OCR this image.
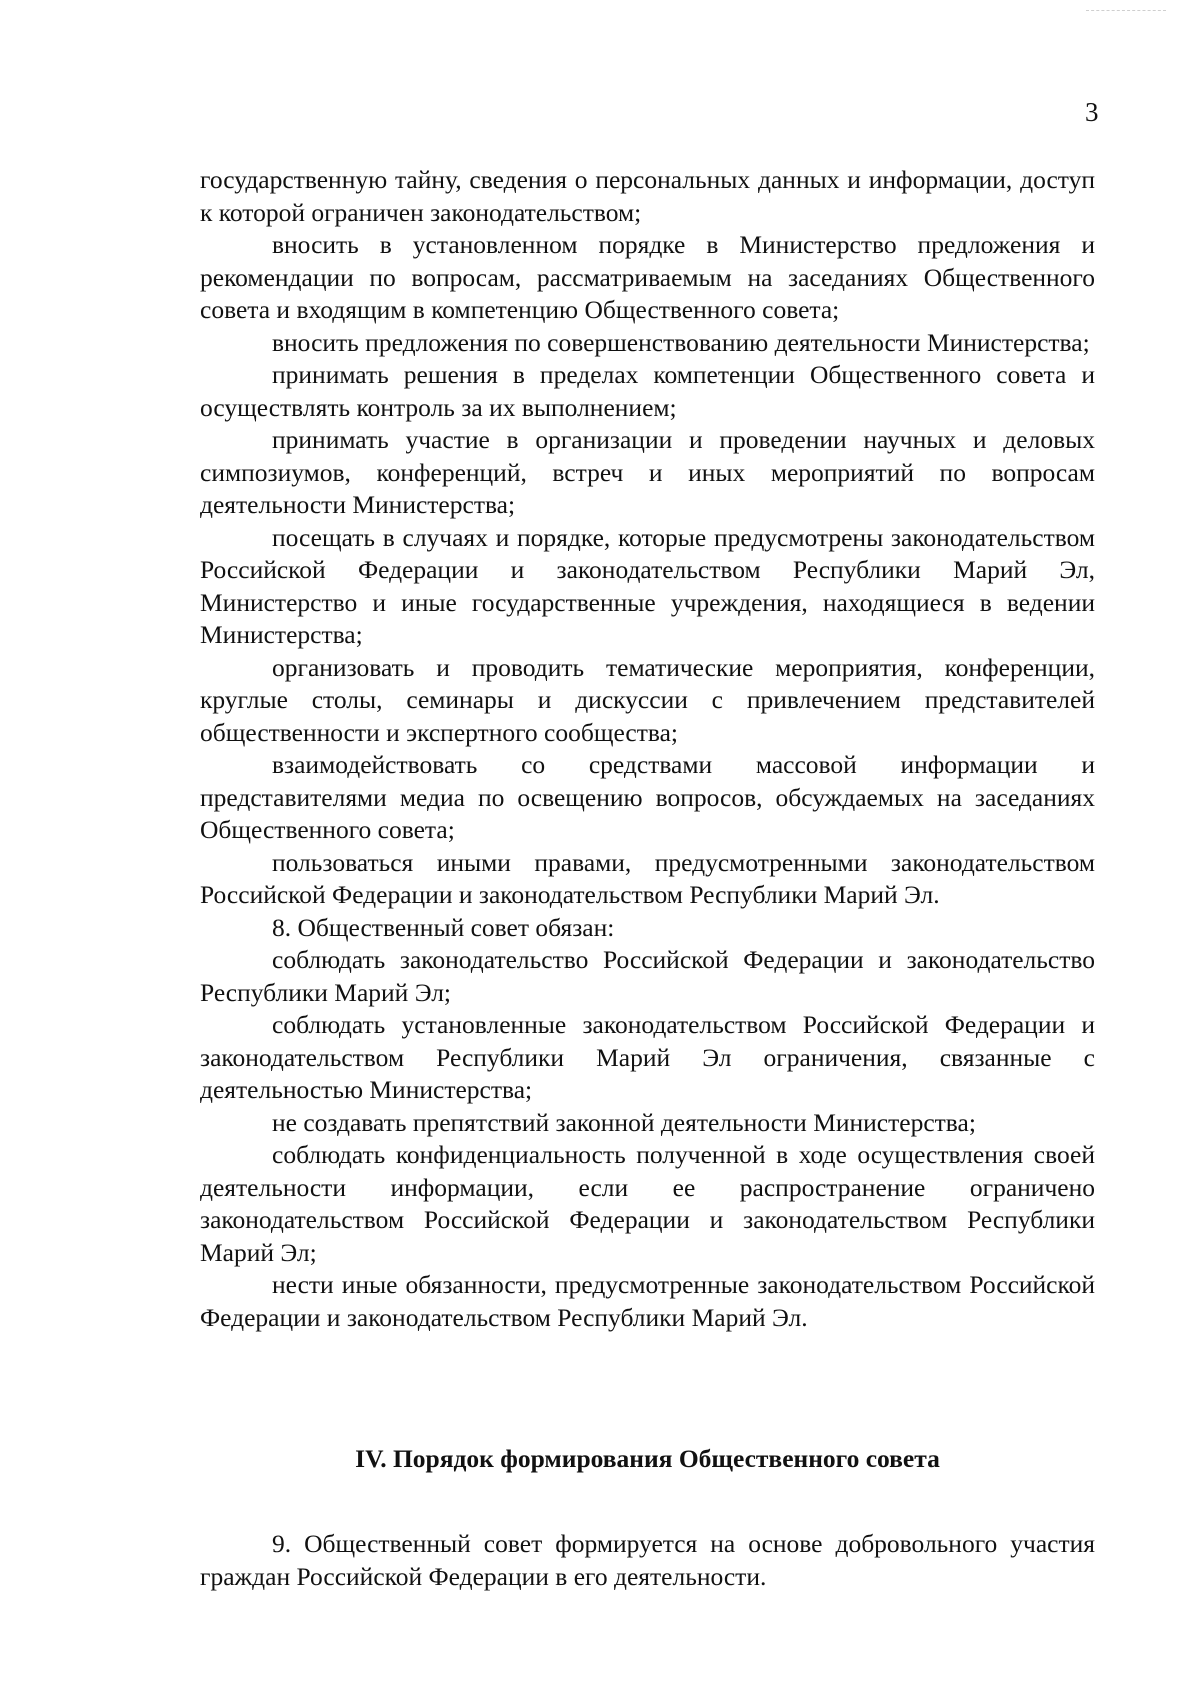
3

государственную тайну, сведения о персональных данных и информации, доступ к которой ограничен законодательством;

вносить в установленном порядке в Министерство предложения и рекомендации по вопросам, рассматриваемым на заседаниях Общественного совета и входящим в компетенцию Общественного совета;

вносить предложения по совершенствованию деятельности Министерства;

принимать решения в пределах компетенции Общественного совета и осуществлять контроль за их выполнением;

принимать участие в организации и проведении научных и деловых симпозиумов, конференций, встреч и иных мероприятий по вопросам деятельности Министерства;

посещать в случаях и порядке, которые предусмотрены законодательством Российской Федерации и законодательством Республики Марий Эл, Министерство и иные государственные учреждения, находящиеся в ведении Министерства;

организовать и проводить тематические мероприятия, конференции, круглые столы, семинары и дискуссии с привлечением представителей общественности и экспертного сообщества;

взаимодействовать со средствами массовой информации и представителями медиа по освещению вопросов, обсуждаемых на заседаниях Общественного совета;

пользоваться иными правами, предусмотренными законодательством Российской Федерации и законодательством Республики Марий Эл.

8. Общественный совет обязан:

соблюдать законодательство Российской Федерации и законодательство Республики Марий Эл;

соблюдать установленные законодательством Российской Федерации и законодательством Республики Марий Эл ограничения, связанные с деятельностью Министерства;

не создавать препятствий законной деятельности Министерства;

соблюдать конфиденциальность полученной в ходе осуществления своей деятельности информации, если ее распространение ограничено законодательством Российской Федерации и законодательством Республики Марий Эл;

нести иные обязанности, предусмотренные законодательством Российской Федерации и законодательством Республики Марий Эл.

IV. Порядок формирования Общественного совета

9. Общественный совет формируется на основе добровольного участия граждан Российской Федерации в его деятельности.
